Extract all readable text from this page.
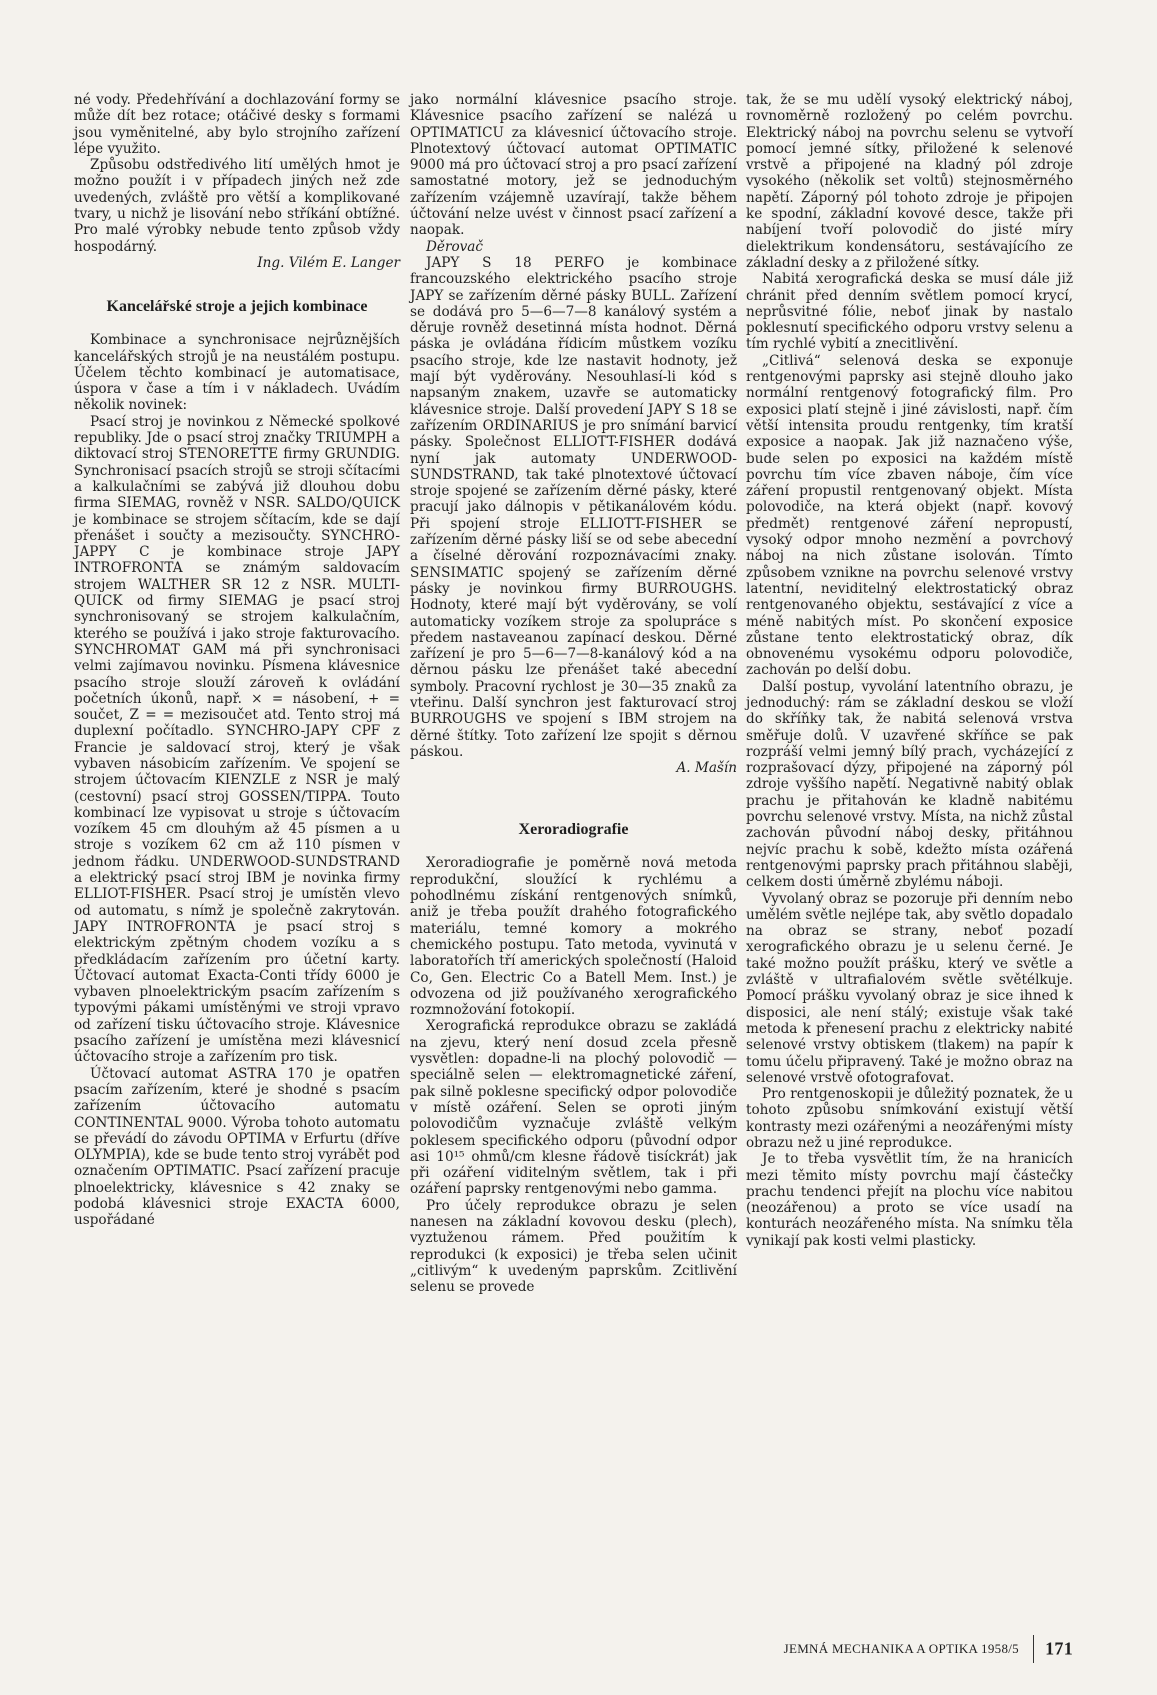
né vody. Předehřívání a dochlazování formy se může dít bez rotace; otáčivé desky s formami jsou vyměnitelné, aby bylo strojního zařízení lépe využito.

Způsobu odstředivého lití umělých hmot je možno použít i v případech jiných než zde uvedených, zvláště pro větší a komplikované tvary, u nichž je lisování nebo stříkání obtížné. Pro malé výrobky nebude tento způsob vždy hospodárný.

Ing. Vilém E. Langer

Kancelářské stroje a jejich kombinace

Kombinace a synchronisace nejrůznějších kancelářských strojů je na neustálém postupu. Účelem těchto kombinací je automatisace, úspora v čase a tím i v nákladech. Uvádím několik novinek:

Psací stroj je novinkou z Německé spolkové republiky. Jde o psací stroj značky TRIUMPH a diktovací stroj STENORETTE firmy GRUNDIG. Synchronisací psacích strojů se stroji sčítacími a kalkulačními se zabývá již dlouhou dobu firma SIEMAG, rovněž v NSR. SALDO/QUICK je kombinace se strojem sčítacím, kde se dají přenášet i součty a mezisoučty. SYNCHRO-JAPPY C je kombinace stroje JAPY INTROFRONTA se známým saldovacím strojem WALTHER SR 12 z NSR. MULTI-QUICK od firmy SIEMAG je psací stroj synchronisovaný se strojem kalkulačním, kterého se používá i jako stroje fakturovacího. SYNCHROMAT GAM má při synchronisaci velmi zajímavou novinku. Písmena klávesnice psacího stroje slouží zároveň k ovládání početních úkonů, např. × = násobení, + = součet, Z = = mezisoučet atd. Tento stroj má duplexní počítadlo. SYNCHRO-JAPY CPF z Francie je saldovací stroj, který je však vybaven násobicím zařízením. Ve spojení se strojem účtovacím KIENZLE z NSR je malý (cestovní) psací stroj GOSSEN/TIPPA. Touto kombinací lze vypisovat u stroje s účtovacím vozíkem 45 cm dlouhým až 45 písmen a u stroje s vozíkem 62 cm až 110 písmen v jednom řádku. UNDERWOOD-SUNDSTRAND a elektrický psací stroj IBM je novinka firmy ELLIOT-FISHER. Psací stroj je umístěn vlevo od automatu, s nímž je společně zakrytován. JAPY INTROFRONTA je psací stroj s elektrickým zpětným chodem vozíku a s předkládacím zařízením pro účetní karty. Účtovací automat Exacta-Conti třídy 6000 je vybaven plnoelektrickým psacím zařízením s typovými pákami umístěnými ve stroji vpravo od zařízení tisku účtovacího stroje. Klávesnice psacího zařízení je umístěna mezi klávesnicí účtovacího stroje a zařízením pro tisk.

Účtovací automat ASTRA 170 je opatřen psacím zařízením, které je shodné s psacím zařízením účtovacího automatu CONTINENTAL 9000. Výroba tohoto automatu se převádí do závodu OPTIMA v Erfurtu (dříve OLYMPIA), kde se bude tento stroj vyrábět pod označením OPTIMATIC. Psací zařízení pracuje plnoelektricky, klávesnice s 42 znaky se podobá klávesnici stroje EXACTA 6000, uspořádané

jako normální klávesnice psacího stroje. Klávesnice psacího zařízení se nalézá u OPTIMATICU za klávesnicí účtovacího stroje. Plnotextový účtovací automat OPTIMATIC 9000 má pro účtovací stroj a pro psací zařízení samostatné motory, jež se jednoduchým zařízením vzájemně uzavírají, takže během účtování nelze uvést v činnost psací zařízení a naopak.

Děrovač

JAPY S 18 PERFO je kombinace francouzského elektrického psacího stroje JAPY se zařízením děrné pásky BULL. Zařízení se dodává pro 5—6—7—8 kanálový systém a děruje rovněž desetinná místa hodnot. Děrná páska je ovládána řídicím můstkem vozíku psacího stroje, kde lze nastavit hodnoty, jež mají být vyděrovány. Nesouhlasí-li kód s napsaným znakem, uzavře se automaticky klávesnice stroje. Další provedení JAPY S 18 se zařízením ORDINARIUS je pro snímání barvicí pásky. Společnost ELLIOTT-FISHER dodává nyní jak automaty UNDERWOOD-SUNDSTRAND, tak také plnotextové účtovací stroje spojené se zařízením děrné pásky, které pracují jako dálnopis v pětikanálovém kódu. Při spojení stroje ELLIOTT-FISHER se zařízením děrné pásky liší se od sebe abecední a číselné děrování rozpoznávacími znaky. SENSIMATIC spojený se zařízením děrné pásky je novinkou firmy BURROUGHS. Hodnoty, které mají být vyděrovány, se volí automaticky vozíkem stroje za spolupráce s předem nastaveanou zapínací deskou. Děrné zařízení je pro 5—6—7—8-kanálový kód a na děrnou pásku lze přenášet také abecední symboly. Pracovní rychlost je 30—35 znaků za vteřinu. Další synchron jest fakturovací stroj BURROUGHS ve spojení s IBM strojem na děrné štítky. Toto zařízení lze spojit s děrnou páskou.

A. Mašín

Xeroradiografie

Xeroradiografie je poměrně nová metoda reprodukční, sloužící k rychlému a pohodlnému získání rentgenových snímků, aniž je třeba použít drahého fotografického materiálu, temné komory a mokrého chemického postupu. Tato metoda, vyvinutá v laboratořích tří amerických společností (Haloid Co, Gen. Electric Co a Batell Mem. Inst.) je odvozena od již používaného xerografického rozmnožování fotokopií.

Xerografická reprodukce obrazu se zakládá na zjevu, který není dosud zcela přesně vysvětlen: dopadne-li na plochý polovodič — speciálně selen — elektromagnetické záření, pak silně poklesne specifický odpor polovodiče v místě ozáření. Selen se oproti jiným polovodičům vyznačuje zvláště velkým poklesem specifického odporu (původní odpor asi 10¹⁵ ohmů/cm klesne řádově tisíckrát) jak při ozáření viditelným světlem, tak i při ozáření paprsky rentgenovými nebo gamma.

Pro účely reprodukce obrazu je selen nanesen na základní kovovou desku (plech), vyztuženou rámem. Před použitím k reprodukci (k exposici) je třeba selen učinit „citlivým“ k uvedeným paprskům. Zcitlivění selenu se provede

tak, že se mu udělí vysoký elektrický náboj, rovnoměrně rozložený po celém povrchu. Elektrický náboj na povrchu selenu se vytvoří pomocí jemné sítky, přiložené k selenové vrstvě a připojené na kladný pól zdroje vysokého (několik set voltů) stejnosměrného napětí. Záporný pól tohoto zdroje je připojen ke spodní, základní kovové desce, takže při nabíjení tvoří polovodič do jisté míry dielektrikum kondensátoru, sestávajícího ze základní desky a z přiložené sítky.

Nabitá xerografická deska se musí dále již chránit před denním světlem pomocí krycí, neprůsvitné fólie, neboť jinak by nastalo poklesnutí specifického odporu vrstvy selenu a tím rychlé vybití a znecitlivění.

„Citlivá“ selenová deska se exponuje rentgenovými paprsky asi stejně dlouho jako normální rentgenový fotografický film. Pro exposici platí stejně i jiné závislosti, např. čím větší intensita proudu rentgenky, tím kratší exposice a naopak. Jak již naznačeno výše, bude selen po exposici na každém místě povrchu tím více zbaven náboje, čím více záření propustil rentgenovaný objekt. Místa polovodiče, na která objekt (např. kovový předmět) rentgenové záření nepropustí, vysoký odpor mnoho nezmění a povrchový náboj na nich zůstane isolován. Tímto způsobem vznikne na povrchu selenové vrstvy latentní, neviditelný elektrostatický obraz rentgenovaného objektu, sestávající z více a méně nabitých míst. Po skončení exposice zůstane tento elektrostatický obraz, dík obnovenému vysokému odporu polovodiče, zachován po delší dobu.

Další postup, vyvolání latentního obrazu, je jednoduchý: rám se základní deskou se vloží do skříňky tak, že nabitá selenová vrstva směřuje dolů. V uzavřené skříňce se pak rozpráší velmi jemný bílý prach, vycházející z rozprašovací dýzy, připojené na záporný pól zdroje vyššího napětí. Negativně nabitý oblak prachu je přitahován ke kladně nabitému povrchu selenové vrstvy. Místa, na nichž zůstal zachován původní náboj desky, přitáhnou nejvíc prachu k sobě, kdežto místa ozářená rentgenovými paprsky prach přitáhnou slaběji, celkem dosti úměrně zbylému náboji.

Vyvolaný obraz se pozoruje při denním nebo umělém světle nejlépe tak, aby světlo dopadalo na obraz se strany, neboť pozadí xerografického obrazu je u selenu černé. Je také možno použít prášku, který ve světle a zvláště v ultrafialovém světle světélkuje. Pomocí prášku vyvolaný obraz je sice ihned k disposici, ale není stálý; existuje však také metoda k přenesení prachu z elektricky nabité selenové vrstvy obtiskem (tlakem) na papír k tomu účelu připravený. Také je možno obraz na selenové vrstvě ofotografovat.

Pro rentgenoskopii je důležitý poznatek, že u tohoto způsobu snímkování existují větší kontrasty mezi ozářenými a neozářenými místy obrazu než u jiné reprodukce.

Je to třeba vysvětlit tím, že na hranicích mezi těmito místy povrchu mají částečky prachu tendenci přejít na plochu více nabitou (neozářenou) a proto se více usadí na konturách neozářeného místa. Na snímku těla vynikají pak kosti velmi plasticky.

JEMNÁ MECHANIKA A OPTIKA 1958/5 171
